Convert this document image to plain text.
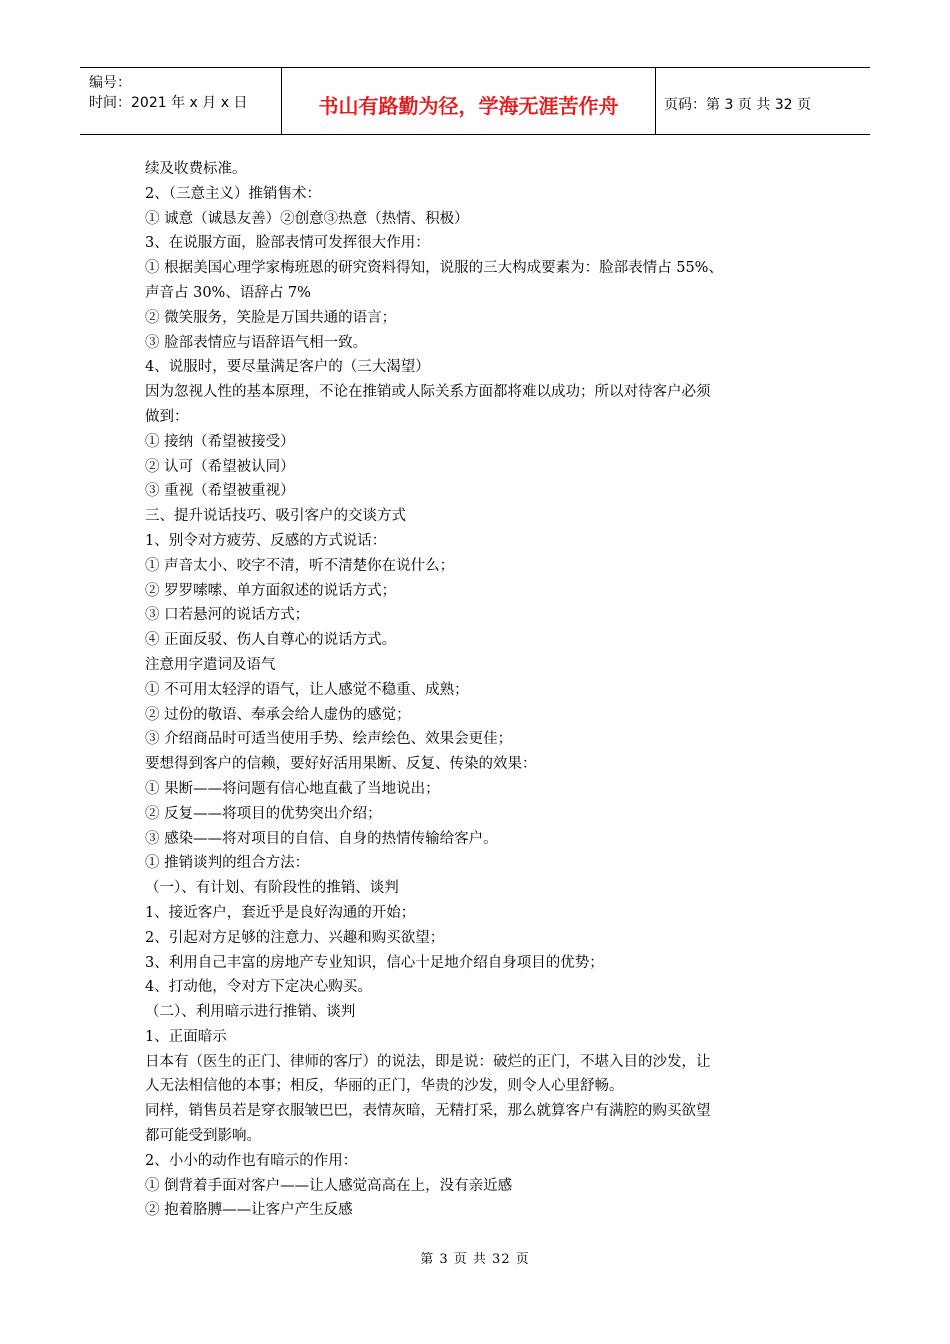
编号：
时间：2021 年 x 月 x 日	书山有路勤为径，学海无涯苦作舟	页码：第 3 页 共 32 页
续及收费标准。
2、（三意主义）推销售术：
① 诚意（诚恳友善）②创意③热意（热情、积极）
3、在说服方面，脸部表情可发挥很大作用：
① 根据美国心理学家梅班恩的研究资料得知，说服的三大构成要素为：脸部表情占 55%、
声音占 30%、语辞占 7%
② 微笑服务，笑脸是万国共通的语言；
③ 脸部表情应与语辞语气相一致。
4、说服时，要尽量满足客户的（三大渴望）
因为忽视人性的基本原理，不论在推销或人际关系方面都将难以成功；所以对待客户必须
做到：
① 接纳（希望被接受）
② 认可（希望被认同）
③ 重视（希望被重视）
三、提升说话技巧、吸引客户的交谈方式
1、别令对方疲劳、反感的方式说话：
① 声音太小、咬字不清，听不清楚你在说什么；
② 罗罗嗦嗦、单方面叙述的说话方式；
③ 口若悬河的说话方式；
④ 正面反驳、伤人自尊心的说话方式。
注意用字遣词及语气
① 不可用太轻浮的语气，让人感觉不稳重、成熟；
② 过份的敬语、奉承会给人虚伪的感觉；
③ 介绍商品时可适当使用手势、绘声绘色、效果会更佳；
要想得到客户的信赖，要好好活用果断、反复、传染的效果：
① 果断——将问题有信心地直截了当地说出；
② 反复——将项目的优势突出介绍；
③ 感染——将对项目的自信、自身的热情传输给客户。
① 推销谈判的组合方法：
（一）、有计划、有阶段性的推销、谈判
1、接近客户，套近乎是良好沟通的开始；
2、引起对方足够的注意力、兴趣和购买欲望；
3、利用自己丰富的房地产专业知识，信心十足地介绍自身项目的优势；
4、打动他，令对方下定决心购买。
（二）、利用暗示进行推销、谈判
1、正面暗示
日本有（医生的正门、律师的客厅）的说法，即是说：破烂的正门，不堪入目的沙发，让
人无法相信他的本事；相反，华丽的正门，华贵的沙发，则令人心里舒畅。
同样，销售员若是穿衣服皱巴巴，表情灰暗，无精打采，那么就算客户有满腔的购买欲望
都可能受到影响。
2、小小的动作也有暗示的作用：
① 倒背着手面对客户——让人感觉高高在上，没有亲近感
② 抱着胳膊——让客户产生反感
第 3 页 共 32 页
